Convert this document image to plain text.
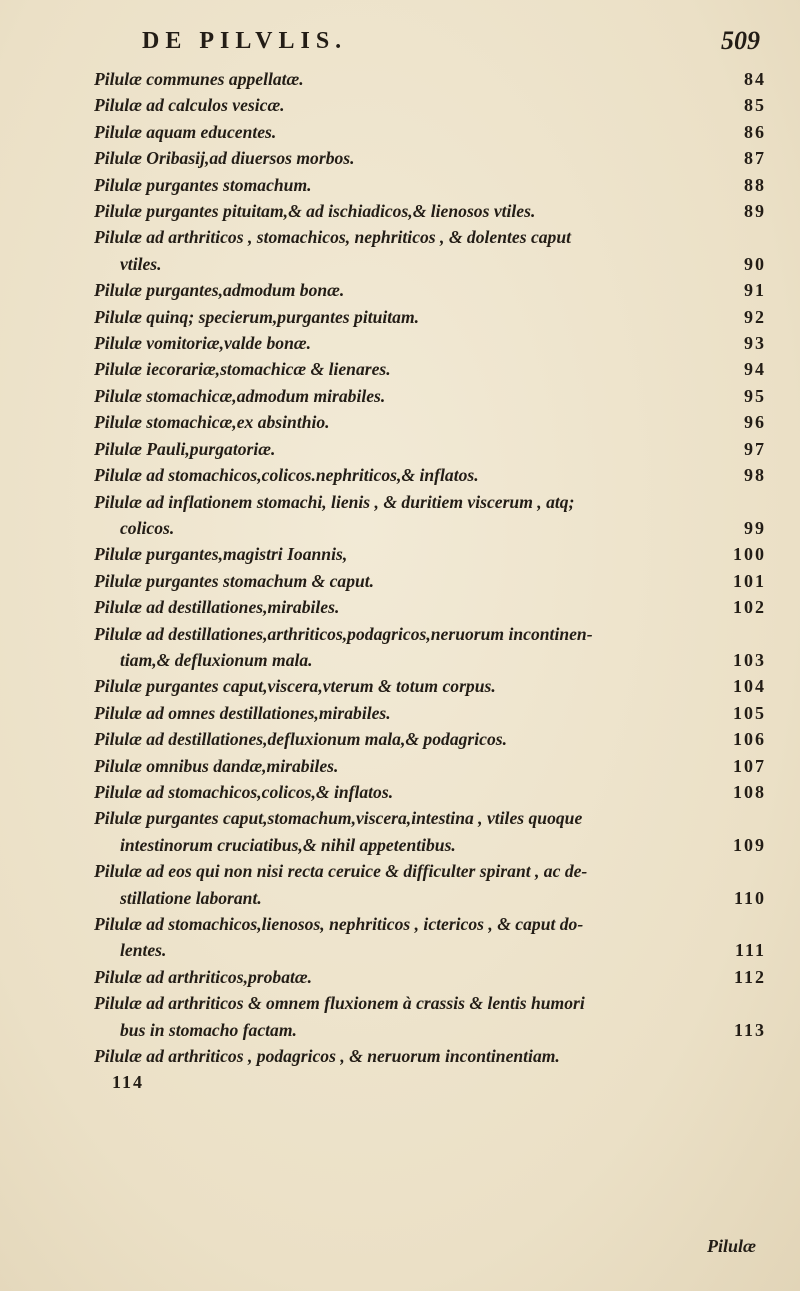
DE PILVLIS.	509
Pilulæ communes appellatæ.	84
Pilulæ ad calculos vesicæ.	85
Pilulæ aquam educentes.	86
Pilulæ Oribasij,ad diuersos morbos.	87
Pilulæ purgantes stomachum.	88
Pilulæ purgantes pituitam,& ad ischiadicos,& lienosos vtiles.	89
Pilulæ ad arthriticos , stomachicos, nephriticos , & dolentes caput
vtiles.	90
Pilulæ purgantes,admodum bonæ.	91
Pilulæ quinq; specierum,purgantes pituitam.	92
Pilulæ vomitoriæ,valde bonæ.	93
Pilulæ iecorariæ,stomachicæ & lienares.	94
Pilulæ stomachicæ,admodum mirabiles.	95
Pilulæ stomachicæ,ex absinthio.	96
Pilulæ Pauli,purgatoriæ.	97
Pilulæ ad stomachicos,colicos.nephriticos,& inflatos.	98
Pilulæ ad inflationem stomachi, lienis , & duritiem viscerum , atq;
colicos.	99
Pilulæ purgantes,magistri Ioannis,	100
Pilulæ purgantes stomachum & caput.	101
Pilulæ ad destillationes,mirabiles.	102
Pilulæ ad destillationes,arthriticos,podagricos,neruorum incontinen-
tiam,& defluxionum mala.	103
Pilulæ purgantes caput,viscera,vterum & totum corpus.	104
Pilulæ ad omnes destillationes,mirabiles.	105
Pilulæ ad destillationes,defluxionum mala,& podagricos.	106
Pilulæ omnibus dandæ,mirabiles.	107
Pilulæ ad stomachicos,colicos,& inflatos.	108
Pilulæ purgantes caput,stomachum,viscera,intestina , vtiles quoque
intestinorum cruciatibus,& nihil appetentibus.	109
Pilulæ ad eos qui non nisi recta ceruice & difficulter spirant , ac de-
stillatione laborant.	110
Pilulæ ad stomachicos,lienosos, nephriticos , ictericos , & caput do-
lentes.	111
Pilulæ ad arthriticos,probatæ.	112
Pilulæ ad arthriticos & omnem fluxionem à crassis & lentis humori
bus in stomacho factam.	113
Pilulæ ad arthriticos , podagricos , & neruorum incontinentiam.
114
Pilulæ
